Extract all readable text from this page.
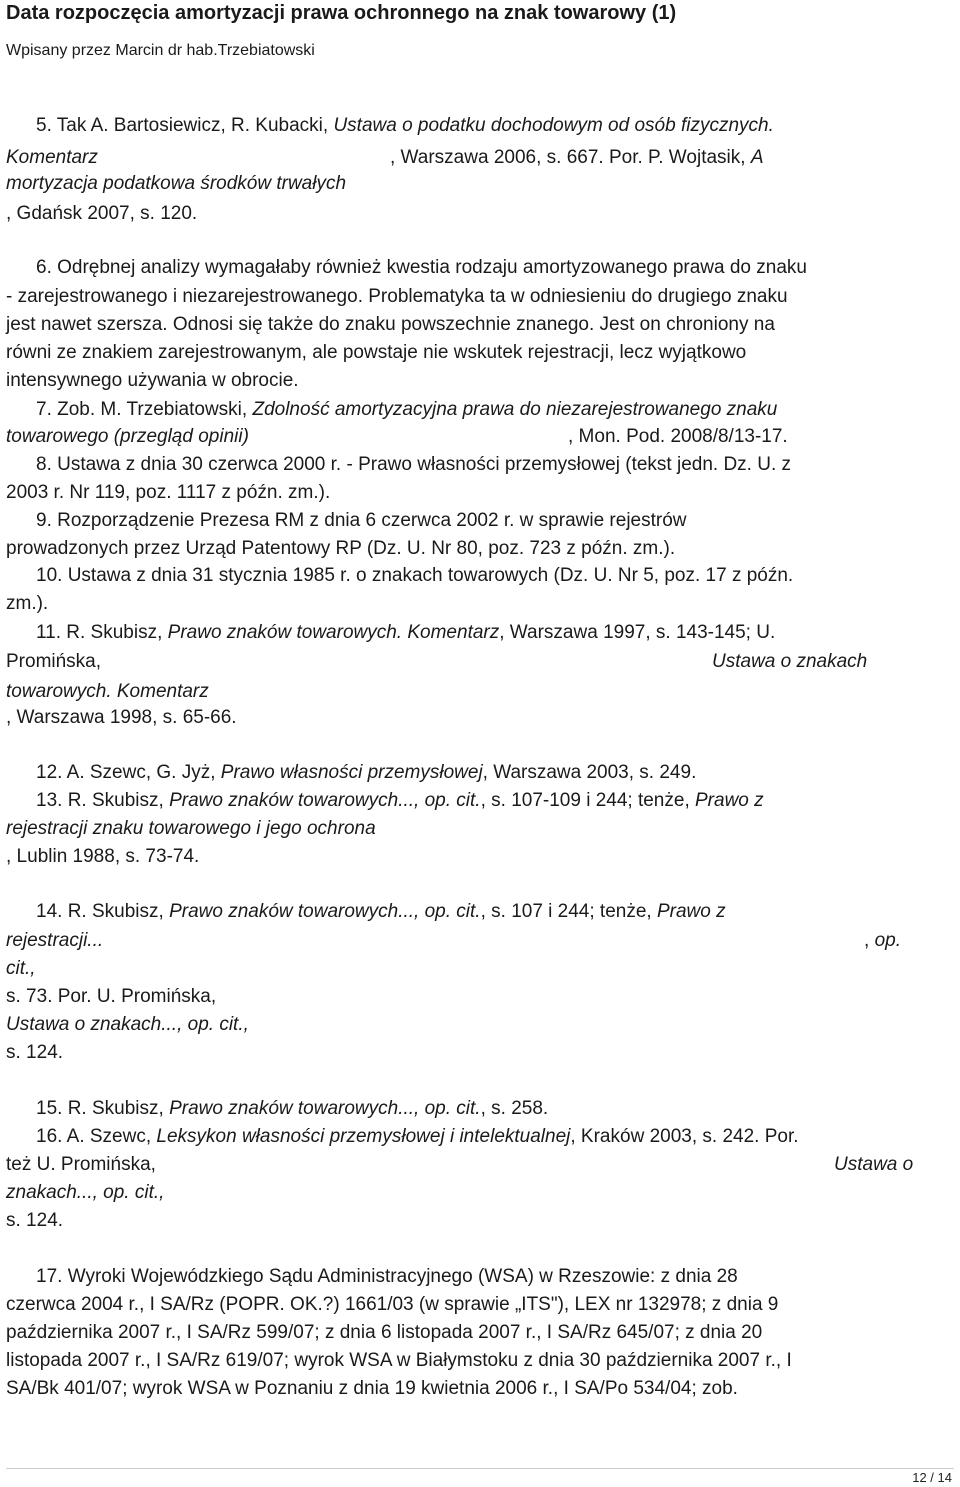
Data rozpoczęcia amortyzacji prawa ochronnego na znak towarowy (1)
Wpisany przez Marcin dr hab.Trzebiatowski
5. Tak A. Bartosiewicz, R. Kubacki, Ustawa o podatku dochodowym od osób fizycznych.
Komentarz	, Warszawa 2006, s. 667. Por. P. Wojtasik, A
mortyzacja podatkowa środków trwałych
, Gdańsk 2007, s. 120.
6. Odrębnej analizy wymagałaby również kwestia rodzaju amortyzowanego prawa do znaku
- zarejestrowanego i niezarejestrowanego. Problematyka ta w odniesieniu do drugiego znaku
jest nawet szersza. Odnosi się także do znaku powszechnie znanego. Jest on chroniony na
równi ze znakiem zarejestrowanym, ale powstaje nie wskutek rejestracji, lecz wyjątkowo
intensywnego używania w obrocie.
7. Zob. M. Trzebiatowski, Zdolność amortyzacyjna prawa do niezarejestrowanego znaku
towarowego (przegląd opinii)	, Mon. Pod. 2008/8/13-17.
8. Ustawa z dnia 30 czerwca 2000 r. - Prawo własności przemysłowej (tekst jedn. Dz. U. z
2003 r. Nr 119, poz. 1117 z późn. zm.).
9. Rozporządzenie Prezesa RM z dnia 6 czerwca 2002 r. w sprawie rejestrów
prowadzonych przez Urząd Patentowy RP (Dz. U. Nr 80, poz. 723 z późn. zm.).
10. Ustawa z dnia 31 stycznia 1985 r. o znakach towarowych (Dz. U. Nr 5, poz. 17 z późn.
zm.).
11. R. Skubisz, Prawo znaków towarowych. Komentarz, Warszawa 1997, s. 143-145; U.
Promińska,	Ustawa o znakach
towarowych. Komentarz
, Warszawa 1998, s. 65-66.
12. A. Szewc, G. Jyż, Prawo własności przemysłowej, Warszawa 2003, s. 249.
13. R. Skubisz, Prawo znaków towarowych..., op. cit., s. 107-109 i 244; tenże, Prawo z
rejestracji znaku towarowego i jego ochrona
, Lublin 1988, s. 73-74.
14. R. Skubisz, Prawo znaków towarowych..., op. cit., s. 107 i 244; tenże, Prawo z
rejestracji...	, op.
cit.,
s. 73. Por. U. Promińska,
Ustawa o znakach..., op. cit.,
s. 124.
15. R. Skubisz, Prawo znaków towarowych..., op. cit., s. 258.
16. A. Szewc, Leksykon własności przemysłowej i intelektualnej, Kraków 2003, s. 242. Por.
też U. Promińska,	Ustawa o
znakach..., op. cit.,
s. 124.
17. Wyroki Wojewódzkiego Sądu Administracyjnego (WSA) w Rzeszowie: z dnia 28
czerwca 2004 r., I SA/Rz (POPR. OK.?) 1661/03 (w sprawie „ITS"), LEX nr 132978; z dnia 9
października 2007 r., I SA/Rz 599/07; z dnia 6 listopada 2007 r., I SA/Rz 645/07; z dnia 20
listopada 2007 r., I SA/Rz 619/07; wyrok WSA w Białymstoku z dnia 30 października 2007 r., I
SA/Bk 401/07; wyrok WSA w Poznaniu z dnia 19 kwietnia 2006 r., I SA/Po 534/04; zob.
12 / 14
